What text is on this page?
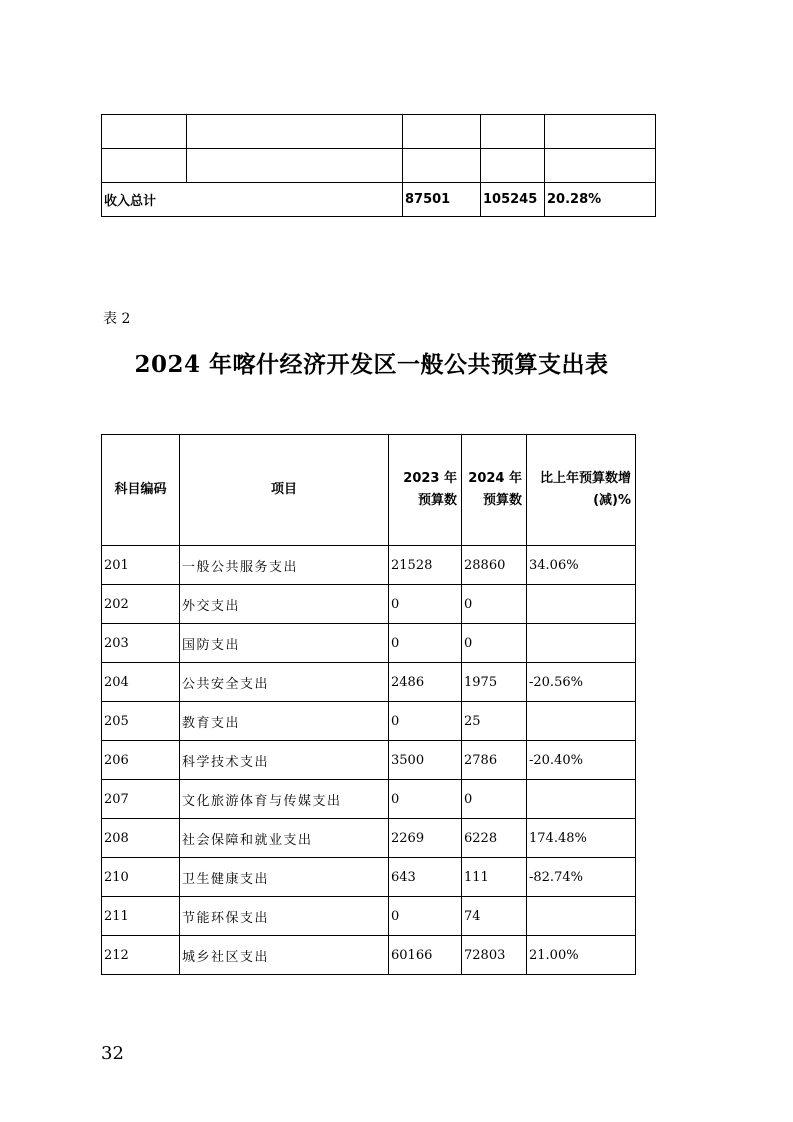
收入总计		87501	105245	20.28%
表 2
2024 年喀什经济开发区一般公共预算支出表
科目编码	项目	2023 年预算数	2024 年预算数	比上年预算数增(减)%
201	一般公共服务支出	21528	28860	34.06%
202	外交支出	0	0	
203	国防支出	0	0	
204	公共安全支出	2486	1975	-20.56%
205	教育支出	0	25	
206	科学技术支出	3500	2786	-20.40%
207	文化旅游体育与传媒支出	0	0	
208	社会保障和就业支出	2269	6228	174.48%
210	卫生健康支出	643	111	-82.74%
211	节能环保支出	0	74	
212	城乡社区支出	60166	72803	21.00%
32
